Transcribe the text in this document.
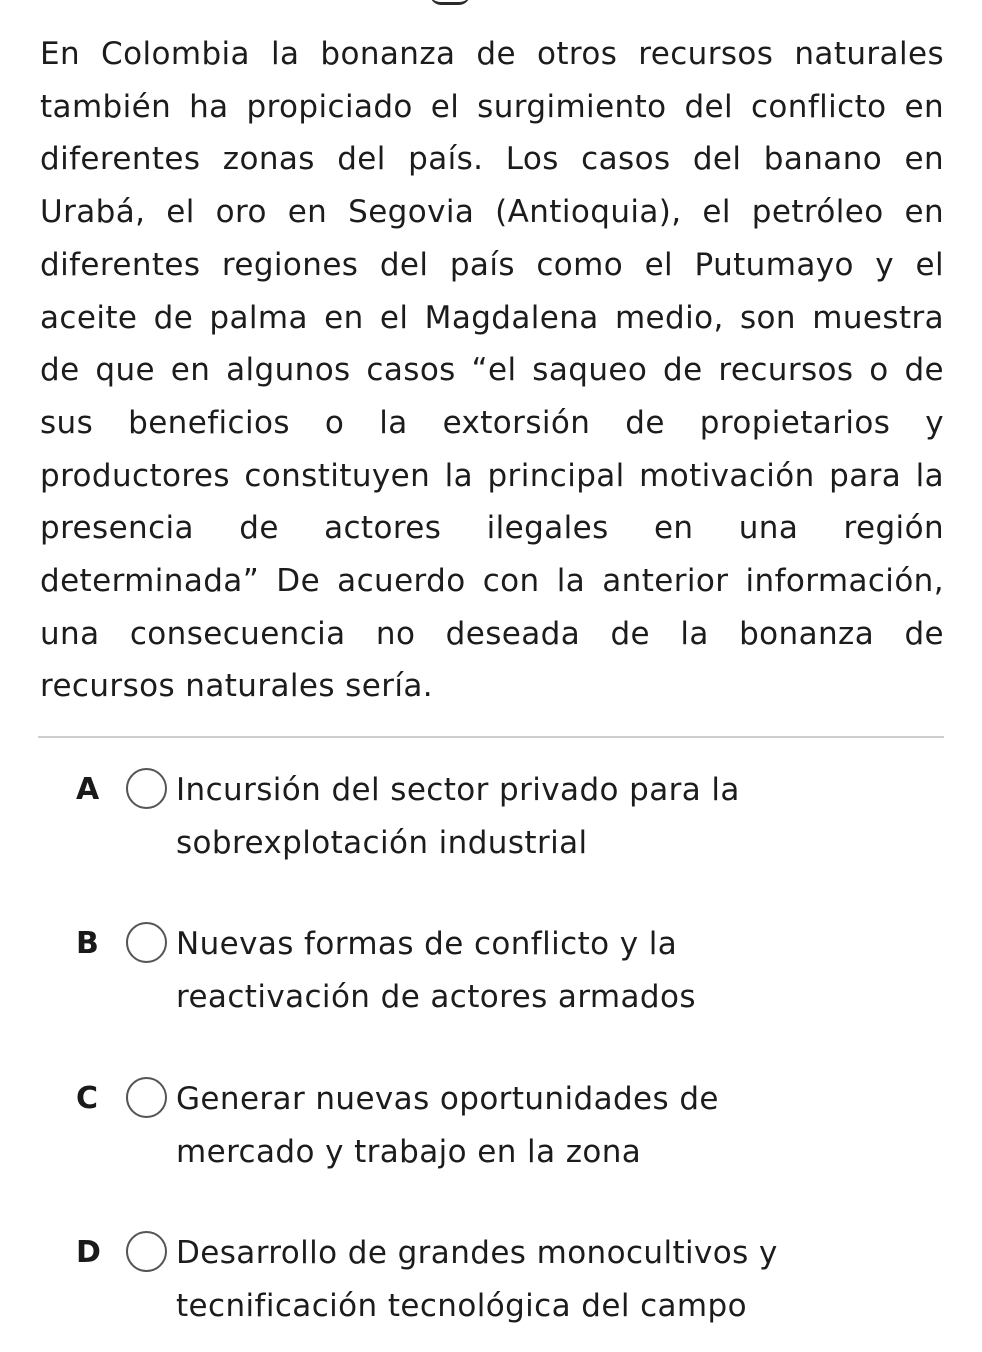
En Colombia la bonanza de otros recursos naturales también ha propiciado el surgimiento del conflicto en diferentes zonas del país. Los casos del banano en Urabá, el oro en Segovia (Antioquia), el petróleo en diferentes regiones del país como el Putumayo y el aceite de palma en el Magdalena medio, son muestra de que en algunos casos “el saqueo de recursos o de sus beneficios o la extorsión de propietarios y productores constituyen la principal motivación para la presencia de actores ilegales en una región determinada” De acuerdo con la anterior información, una consecuencia no deseada de la bonanza de recursos naturales sería.

A Incursión del sector privado para la
sobrexplotación industrial
B Nuevas formas de conflicto y la
reactivación de actores armados
C	Generar nuevas oportunidades de
mercado y trabajo en la zona
D Desarrollo de grandes monocultivos y
tecnificación tecnológica del campo
